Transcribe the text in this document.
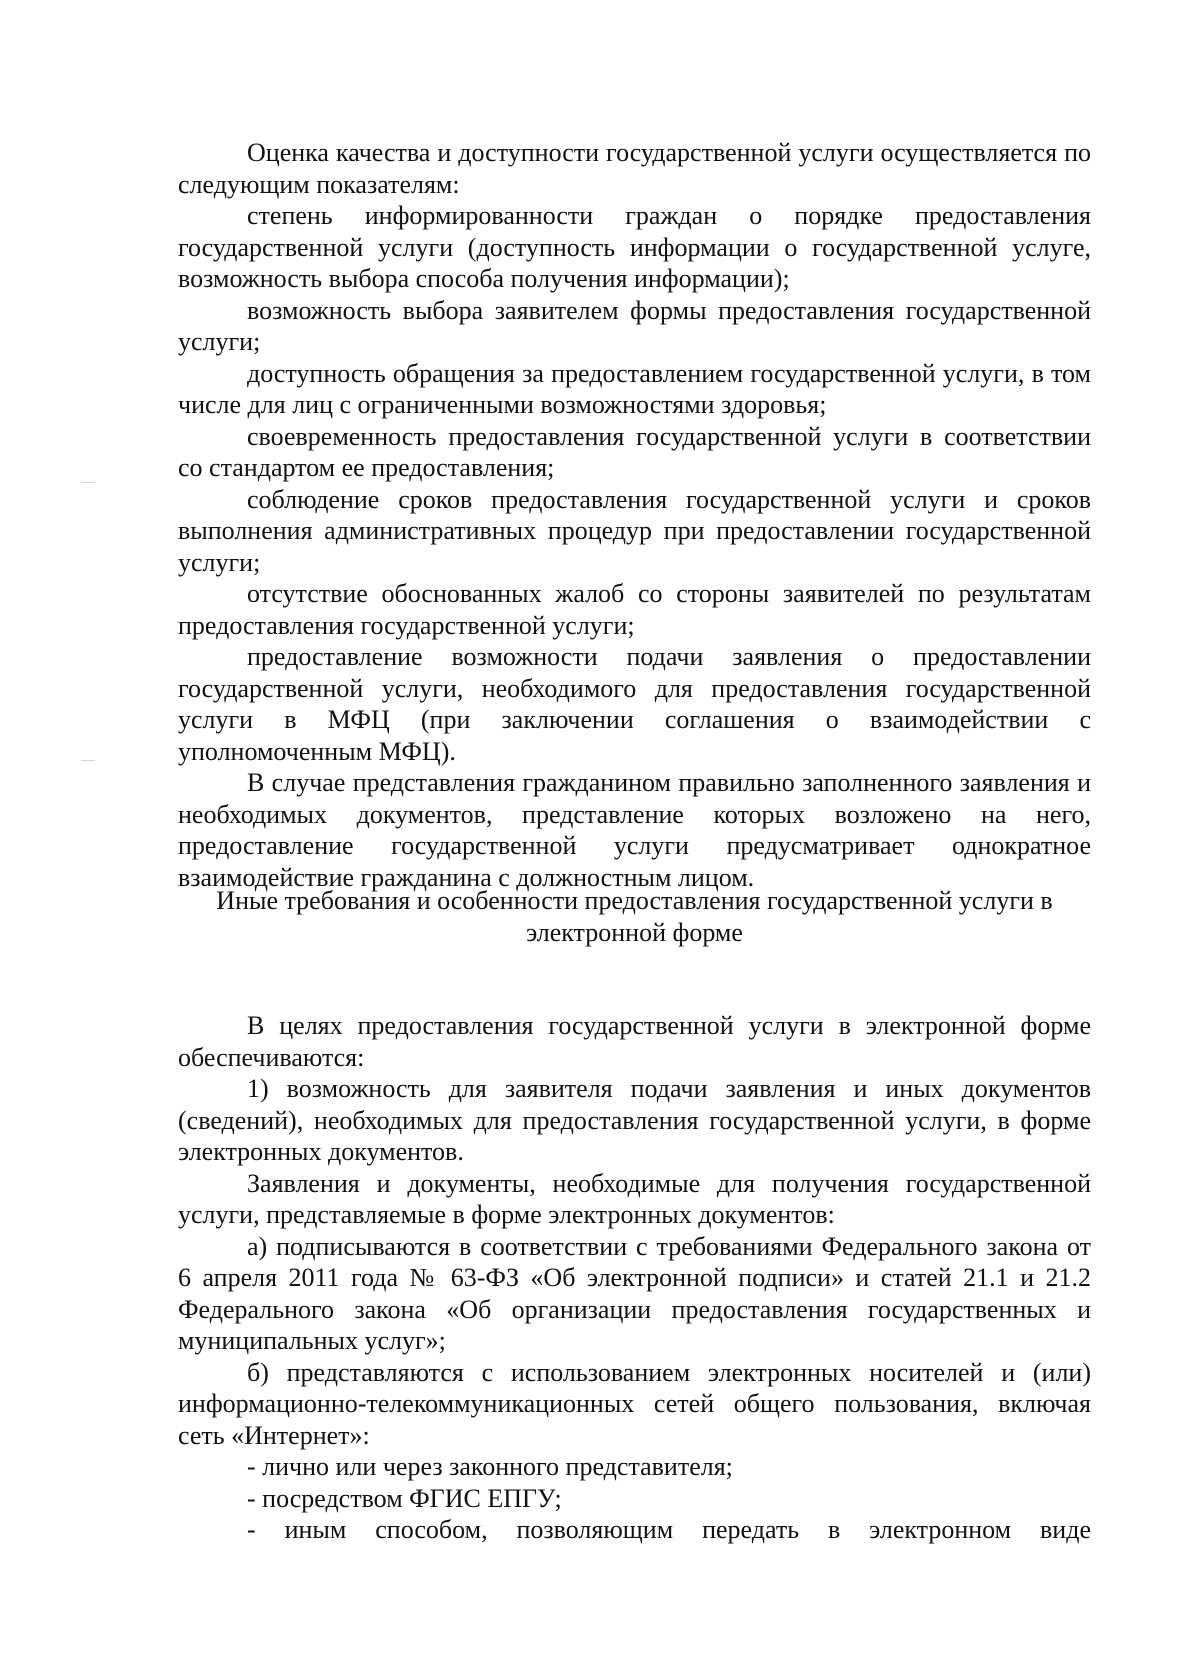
Оценка качества и доступности государственной услуги осуществляется по следующим показателям:

степень информированности граждан о порядке предоставления государственной услуги (доступность информации о государственной услуге, возможность выбора способа получения информации);

возможность выбора заявителем формы предоставления государственной услуги;

доступность обращения за предоставлением государственной услуги, в том числе для лиц с ограниченными возможностями здоровья;

своевременность предоставления государственной услуги в соответствии со стандартом ее предоставления;

соблюдение сроков предоставления государственной услуги и сроков выполнения административных процедур при предоставлении государственной услуги;

отсутствие обоснованных жалоб со стороны заявителей по результатам предоставления государственной услуги;

предоставление возможности подачи заявления о предоставлении государственной услуги, необходимого для предоставления государственной услуги в МФЦ (при заключении соглашения о взаимодействии с уполномоченным МФЦ).

В случае представления гражданином правильно заполненного заявления и необходимых документов, представление которых возложено на него, предоставление государственной услуги предусматривает однократное взаимодействие гражданина с должностным лицом.

Иные требования и особенности предоставления государственной услуги в

электронной форме

В целях предоставления государственной услуги в электронной форме обеспечиваются:

1) возможность для заявителя подачи заявления и иных документов (сведений), необходимых для предоставления государственной услуги, в форме электронных документов.

Заявления и документы, необходимые для получения государственной услуги, представляемые в форме электронных документов:

а) подписываются в соответствии с требованиями Федерального закона от 6 апреля 2011 года № 63-ФЗ «Об электронной подписи» и статей 21.1 и 21.2 Федерального закона «Об организации предоставления государственных и муниципальных услуг»;

б) представляются с использованием электронных носителей и (или) информационно-телекоммуникационных сетей общего пользования, включая сеть «Интернет»:

- лично или через законного представителя;

- посредством ФГИС ЕПГУ;

- иным способом, позволяющим передать в электронном виде
